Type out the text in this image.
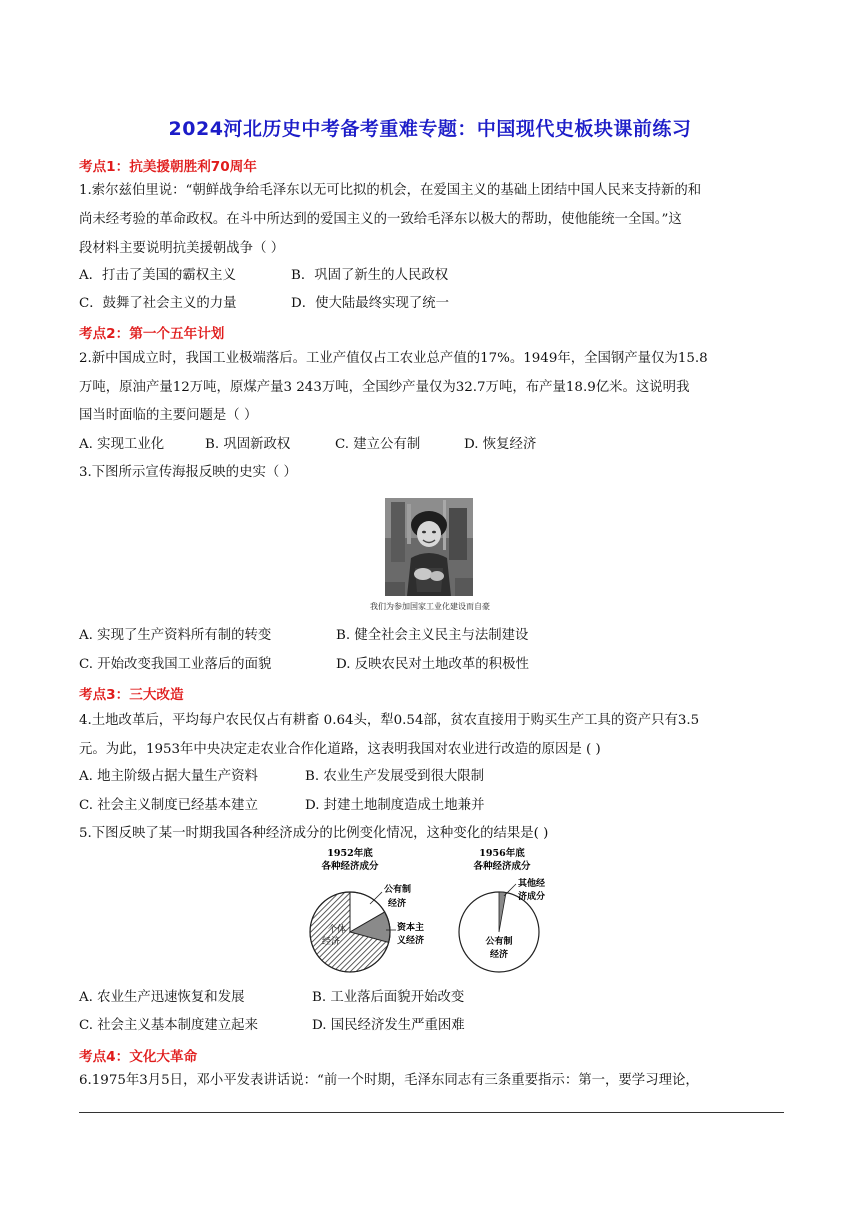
2024河北历史中考备考重难专题：中国现代史板块课前练习
考点1：抗美援朝胜利70周年
1.索尔兹伯里说：“朝鲜战争给毛泽东以无可比拟的机会，在爱国主义的基础上团结中国人民来支持新的和
尚未经考验的革命政权。在斗中所达到的爱国主义的一致给毛泽东以极大的帮助，使他能统一全国。”这
段材料主要说明抗美援朝战争（ ）
A．打击了美国的霸权主义	B．巩固了新生的人民政权
C．鼓舞了社会主义的力量	D．使大陆最终实现了统一
考点2：第一个五年计划
2.新中国成立时，我国工业极端落后。工业产值仅占工农业总产值的17%。1949年，全国钢产量仅为15.8
万吨，原油产量12万吨，原煤产量3 243万吨，全国纱产量仅为32.7万吨，布产量18.9亿米。这说明我
国当时面临的主要问题是（ ）
A. 实现工业化	B. 巩固新政权	C. 建立公有制	D. 恢复经济
3.下图所示宣传海报反映的史实（ ）
我们为参加国家工业化建设而自豪
A. 实现了生产资料所有制的转变	B. 健全社会主义民主与法制建设
C. 开始改变我国工业落后的面貌	D. 反映农民对土地改革的积极性
考点3：三大改造
4.土地改革后，平均每户农民仅占有耕畜 0.64头，犁0.54部，贫农直接用于购买生产工具的资产只有3.5
元。为此，1953年中央决定走农业合作化道路，这表明我国对农业进行改造的原因是 ( )
A. 地主阶级占据大量生产资料	B. 农业生产发展受到很大限制
C. 社会主义制度已经基本建立	D. 封建土地制度造成土地兼并
5.下图反映了某一时期我国各种经济成分的比例变化情况，这种变化的结果是( )
1952年底
各种经济成分
个体
经济
公有制
经济
资本主
义经济
1956年底
各种经济成分
其他经
济成分
公有制
经济
A. 农业生产迅速恢复和发展	B. 工业落后面貌开始改变
C. 社会主义基本制度建立起来	D. 国民经济发生严重困难
考点4：文化大革命
6.1975年3月5日，邓小平发表讲话说：“前一个时期，毛泽东同志有三条重要指示：第一，要学习理论，
